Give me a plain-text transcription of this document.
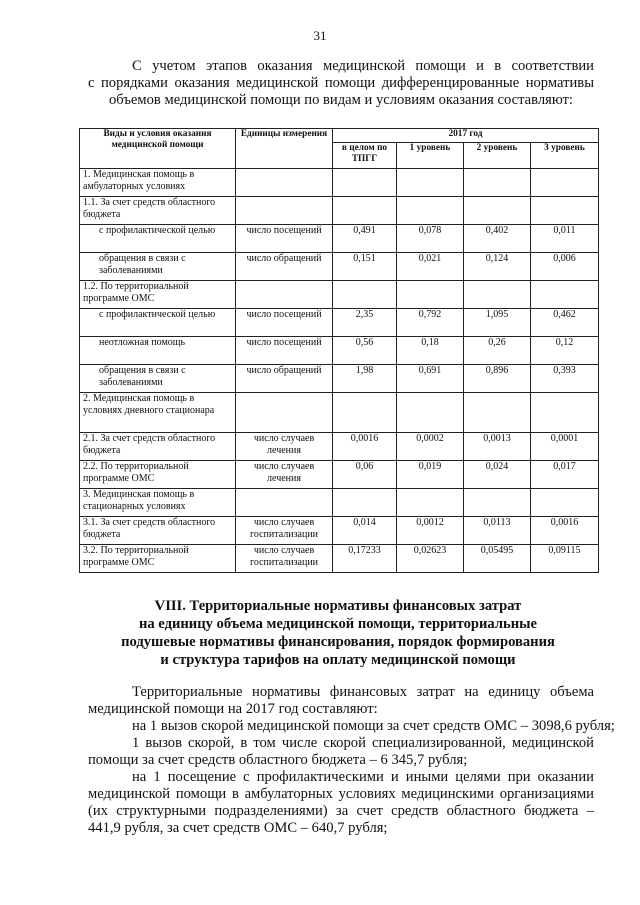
31
С учетом этапов оказания медицинской помощи и в соответствии
с порядками оказания медицинской помощи дифференцированные нормативы
объемов медицинской помощи по видам и условиям оказания составляют:
Виды и условия оказания медицинской помощи	Единицы измерения	2017 год			
		в целом по ТПГГ	1 уровень	2 уровень	3 уровень
1. Медицинская помощь в амбулаторных условиях					
1.1. За счет средств областного бюджета					
с профилактической целью	число посещений	0,491	0,078	0,402	0,011
обращения в связи с заболеваниями	число обращений	0,151	0,021	0,124	0,006
1.2. По территориальной программе ОМС					
с профилактической целью	число посещений	2,35	0,792	1,095	0,462
неотложная помощь	число посещений	0,56	0,18	0,26	0,12
обращения в связи с заболеваниями	число обращений	1,98	0,691	0,896	0,393
2. Медицинская помощь в условиях дневного стационара					
2.1. За счет средств областного бюджета	число случаев лечения	0,0016	0,0002	0,0013	0,0001
2.2. По территориальной программе ОМС	число случаев лечения	0,06	0,019	0,024	0,017
3. Медицинская помощь в стационарных условиях					
3.1. За счет средств областного бюджета	число случаев госпитализации	0,014	0,0012	0,0113	0,0016
3.2. По территориальной программе ОМС	число случаев госпитализации	0,17233	0,02623	0,05495	0,09115
VIII. Территориальные нормативы финансовых затрат
на единицу объема медицинской помощи, территориальные
подушевые нормативы финансирования, порядок формирования
и структура тарифов на оплату медицинской помощи
Территориальные нормативы финансовых затрат на единицу объема
медицинской помощи на 2017 год составляют:
на 1 вызов скорой медицинской помощи за счет средств ОМС – 3098,6 рубля;
1 вызов скорой, в том числе скорой специализированной, медицинской
помощи за счет средств областного бюджета – 6 345,7 рубля;
на 1 посещение с профилактическими и иными целями при оказании
медицинской помощи в амбулаторных условиях медицинскими организациями
(их структурными подразделениями) за счет средств областного бюджета –
441,9 рубля, за счет средств ОМС – 640,7 рубля;
